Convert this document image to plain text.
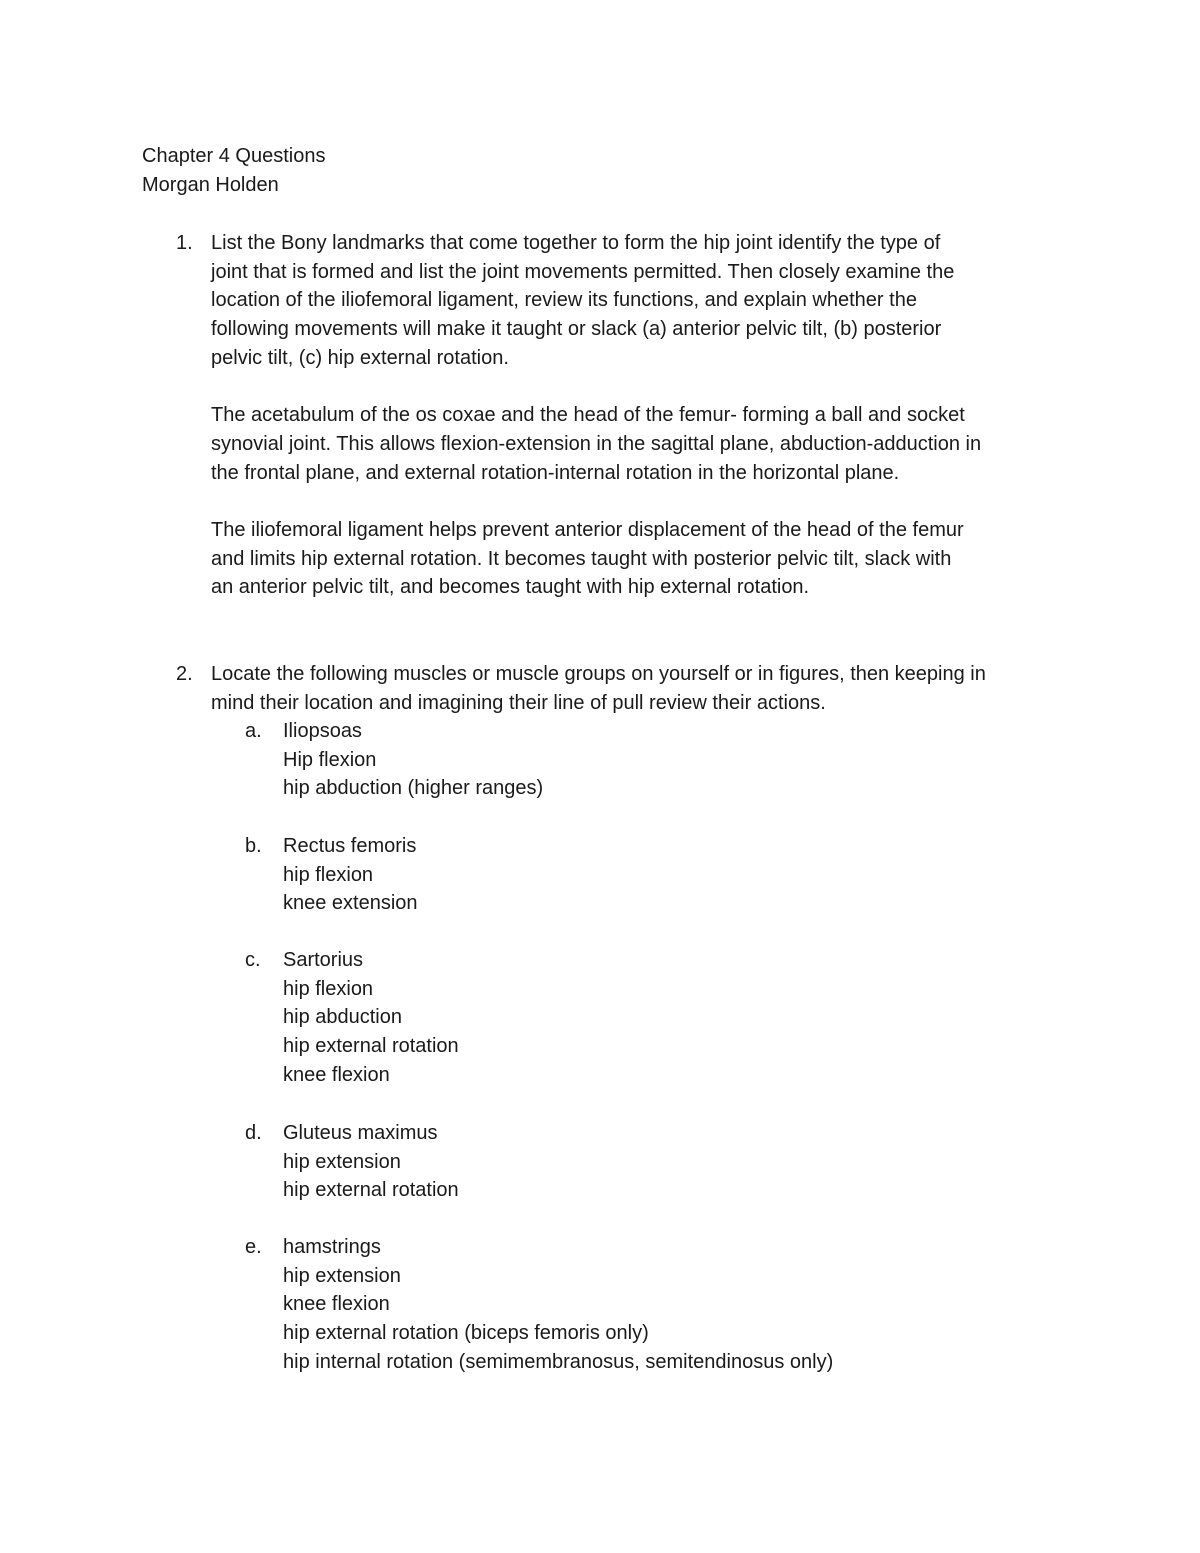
Chapter 4 Questions
Morgan Holden
1. List the Bony landmarks that come together to form the hip joint identify the type of

joint that is formed and list the joint movements permitted. Then closely examine the

location of the iliofemoral ligament, review its functions, and explain whether the

following movements will make it taught or slack (a) anterior pelvic tilt, (b) posterior

pelvic tilt, (c) hip external rotation.

The acetabulum of the os coxae and the head of the femur- forming a ball and socket

synovial joint. This allows flexion-extension in the sagittal plane, abduction-adduction in

the frontal plane, and external rotation-internal rotation in the horizontal plane.

The iliofemoral ligament helps prevent anterior displacement of the head of the femur

and limits hip external rotation. It becomes taught with posterior pelvic tilt, slack with

an anterior pelvic tilt, and becomes taught with hip external rotation.

2. Locate the following muscles or muscle groups on yourself or in figures, then keeping in

mind their location and imagining their line of pull review their actions.

a.	Iliopsoas
Hip flexion
hip abduction (higher ranges)
b.	Rectus femoris
hip flexion
knee extension
c.	Sartorius
hip flexion
hip abduction
hip external rotation
knee flexion
d.	Gluteus maximus
hip extension
hip external rotation
e.	hamstrings
hip extension
knee flexion
hip external rotation (biceps femoris only)
hip internal rotation (semimembranosus, semitendinosus only)
